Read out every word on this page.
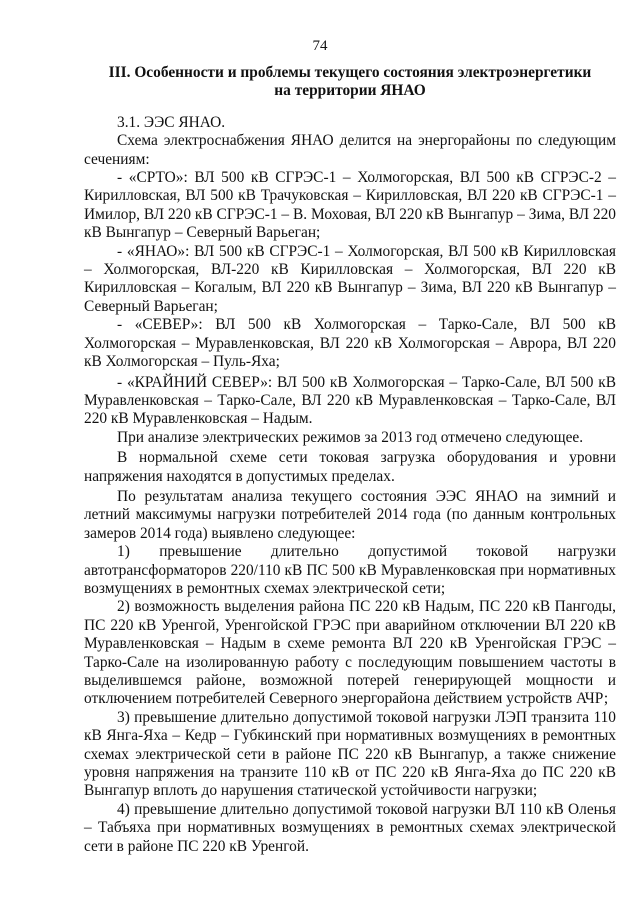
74
III. Особенности и проблемы текущего состояния электроэнергетики
на территории ЯНАО

3.1. ЭЭС ЯНАО.

Схема электроснабжения ЯНАО делится на энергорайоны по следующим сечениям:

- «СРТО»: ВЛ 500 кВ СГРЭС-1 – Холмогорская, ВЛ 500 кВ СГРЭС-2 – Кирилловская, ВЛ 500 кВ Трачуковская – Кирилловская, ВЛ 220 кВ СГРЭС-1 – Имилор, ВЛ 220 кВ СГРЭС-1 – В. Моховая, ВЛ 220 кВ Вынгапур – Зима, ВЛ 220 кВ Вынгапур – Северный Варьеган;

- «ЯНАО»: ВЛ 500 кВ СГРЭС-1 – Холмогорская, ВЛ 500 кВ Кирилловская – Холмогорская, ВЛ-220 кВ Кирилловская – Холмогорская, ВЛ 220 кВ Кирилловская – Когалым, ВЛ 220 кВ Вынгапур – Зима, ВЛ 220 кВ Вынгапур – Северный Варьеган;

- «СЕВЕР»: ВЛ 500 кВ Холмогорская – Тарко-Сале, ВЛ 500 кВ Холмогорская – Муравленковская, ВЛ 220 кВ Холмогорская – Аврора, ВЛ 220 кВ Холмогорская – Пуль-Яха;

- «КРАЙНИЙ СЕВЕР»: ВЛ 500 кВ Холмогорская – Тарко-Сале, ВЛ 500 кВ Муравленковская – Тарко-Сале, ВЛ 220 кВ Муравленковская – Тарко-Сале, ВЛ 220 кВ Муравленковская – Надым.

При анализе электрических режимов за 2013 год отмечено следующее.

В нормальной схеме сети токовая загрузка оборудования и уровни напряжения находятся в допустимых пределах.

По результатам анализа текущего состояния ЭЭС ЯНАО на зимний и летний максимумы нагрузки потребителей 2014 года (по данным контрольных замеров 2014 года) выявлено следующее:

1) превышение длительно допустимой токовой нагрузки автотрансформаторов 220/110 кВ ПС 500 кВ Муравленковская при нормативных возмущениях в ремонтных схемах электрической сети;

2) возможность выделения района ПС 220 кВ Надым, ПС 220 кВ Пангоды, ПС 220 кВ Уренгой, Уренгойской ГРЭС при аварийном отключении ВЛ 220 кВ Муравленковская – Надым в схеме ремонта ВЛ 220 кВ Уренгойская ГРЭС – Тарко-Сале на изолированную работу с последующим повышением частоты в выделившемся районе, возможной потерей генерирующей мощности и отключением потребителей Северного энергорайона действием устройств АЧР;

3) превышение длительно допустимой токовой нагрузки ЛЭП транзита 110 кВ Янга-Яха – Кедр – Губкинский при нормативных возмущениях в ремонтных схемах электрической сети в районе ПС 220 кВ Вынгапур, а также снижение уровня напряжения на транзите 110 кВ от ПС 220 кВ Янга-Яха до ПС 220 кВ Вынгапур вплоть до нарушения статической устойчивости нагрузки;

4) превышение длительно допустимой токовой нагрузки ВЛ 110 кВ Оленья – Табъяха при нормативных возмущениях в ремонтных схемах электрической сети в районе ПС 220 кВ Уренгой.
